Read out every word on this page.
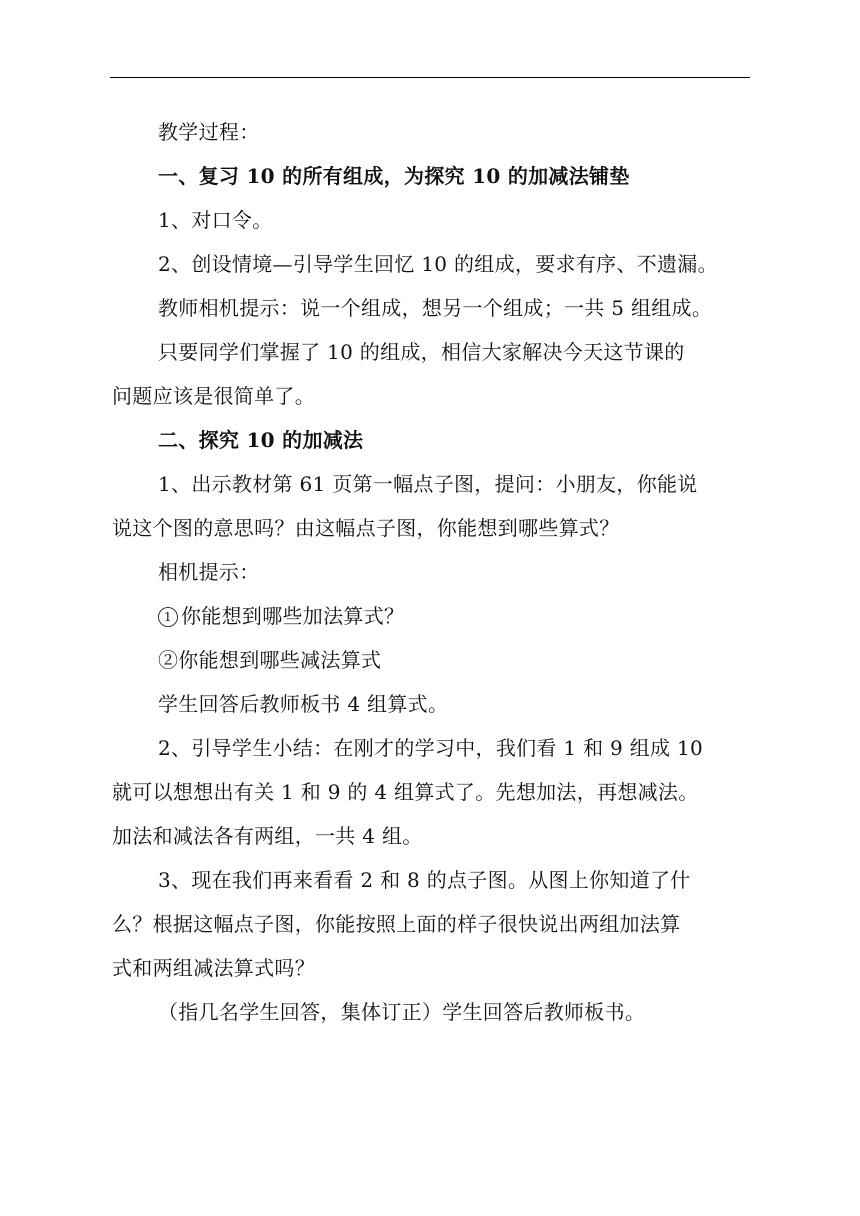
教学过程：
一、复习 10 的所有组成，为探究 10 的加减法铺垫
1、对口令。
2、创设情境—引导学生回忆 10 的组成，要求有序、不遗漏。
教师相机提示：说一个组成，想另一个组成；一共 5 组组成。
只要同学们掌握了 10 的组成，相信大家解决今天这节课的
问题应该是很简单了。
二、探究 10 的加减法
1、出示教材第 61 页第一幅点子图，提问：小朋友，你能说
说这个图的意思吗？由这幅点子图，你能想到哪些算式？
相机提示：
1 你能想到哪些加法算式？
②你能想到哪些减法算式
学生回答后教师板书 4 组算式。
2、引导学生小结：在刚才的学习中，我们看 1 和 9 组成 10
就可以想想出有关 1 和 9 的 4 组算式了。先想加法，再想减法。
加法和减法各有两组，一共 4 组。
3、现在我们再来看看 2 和 8 的点子图。从图上你知道了什
么？根据这幅点子图，你能按照上面的样子很快说出两组加法算
式和两组减法算式吗？
（指几名学生回答，集体订正）学生回答后教师板书。
